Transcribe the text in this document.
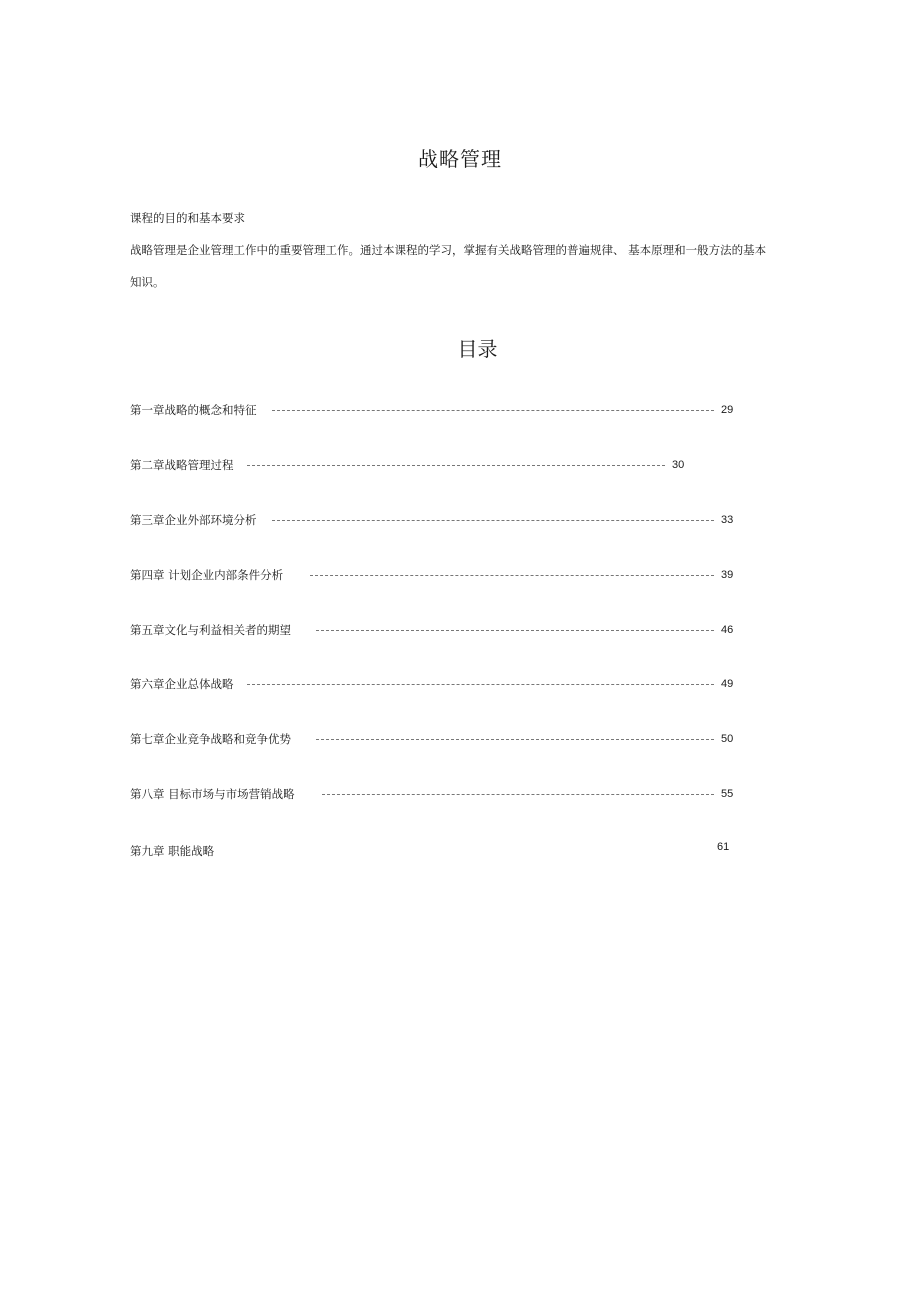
战略管理
课程的目的和基本要求
战略管理是企业管理工作中的重要管理工作。通过本课程的学习，掌握有关战略管理的普遍规律、 基本原理和一般方法的基本
知识。
目录
第一章战略的概念和特征	29
第二章战略管理过程	30
第三章企业外部环境分析	33
第四章 计划企业内部条件分析	39
第五章文化与利益相关者的期望	46
第六章企业总体战略	49
第七章企业竞争战略和竞争优势	50
第八章 目标市场与市场营销战略	55
第九章 职能战略	61
